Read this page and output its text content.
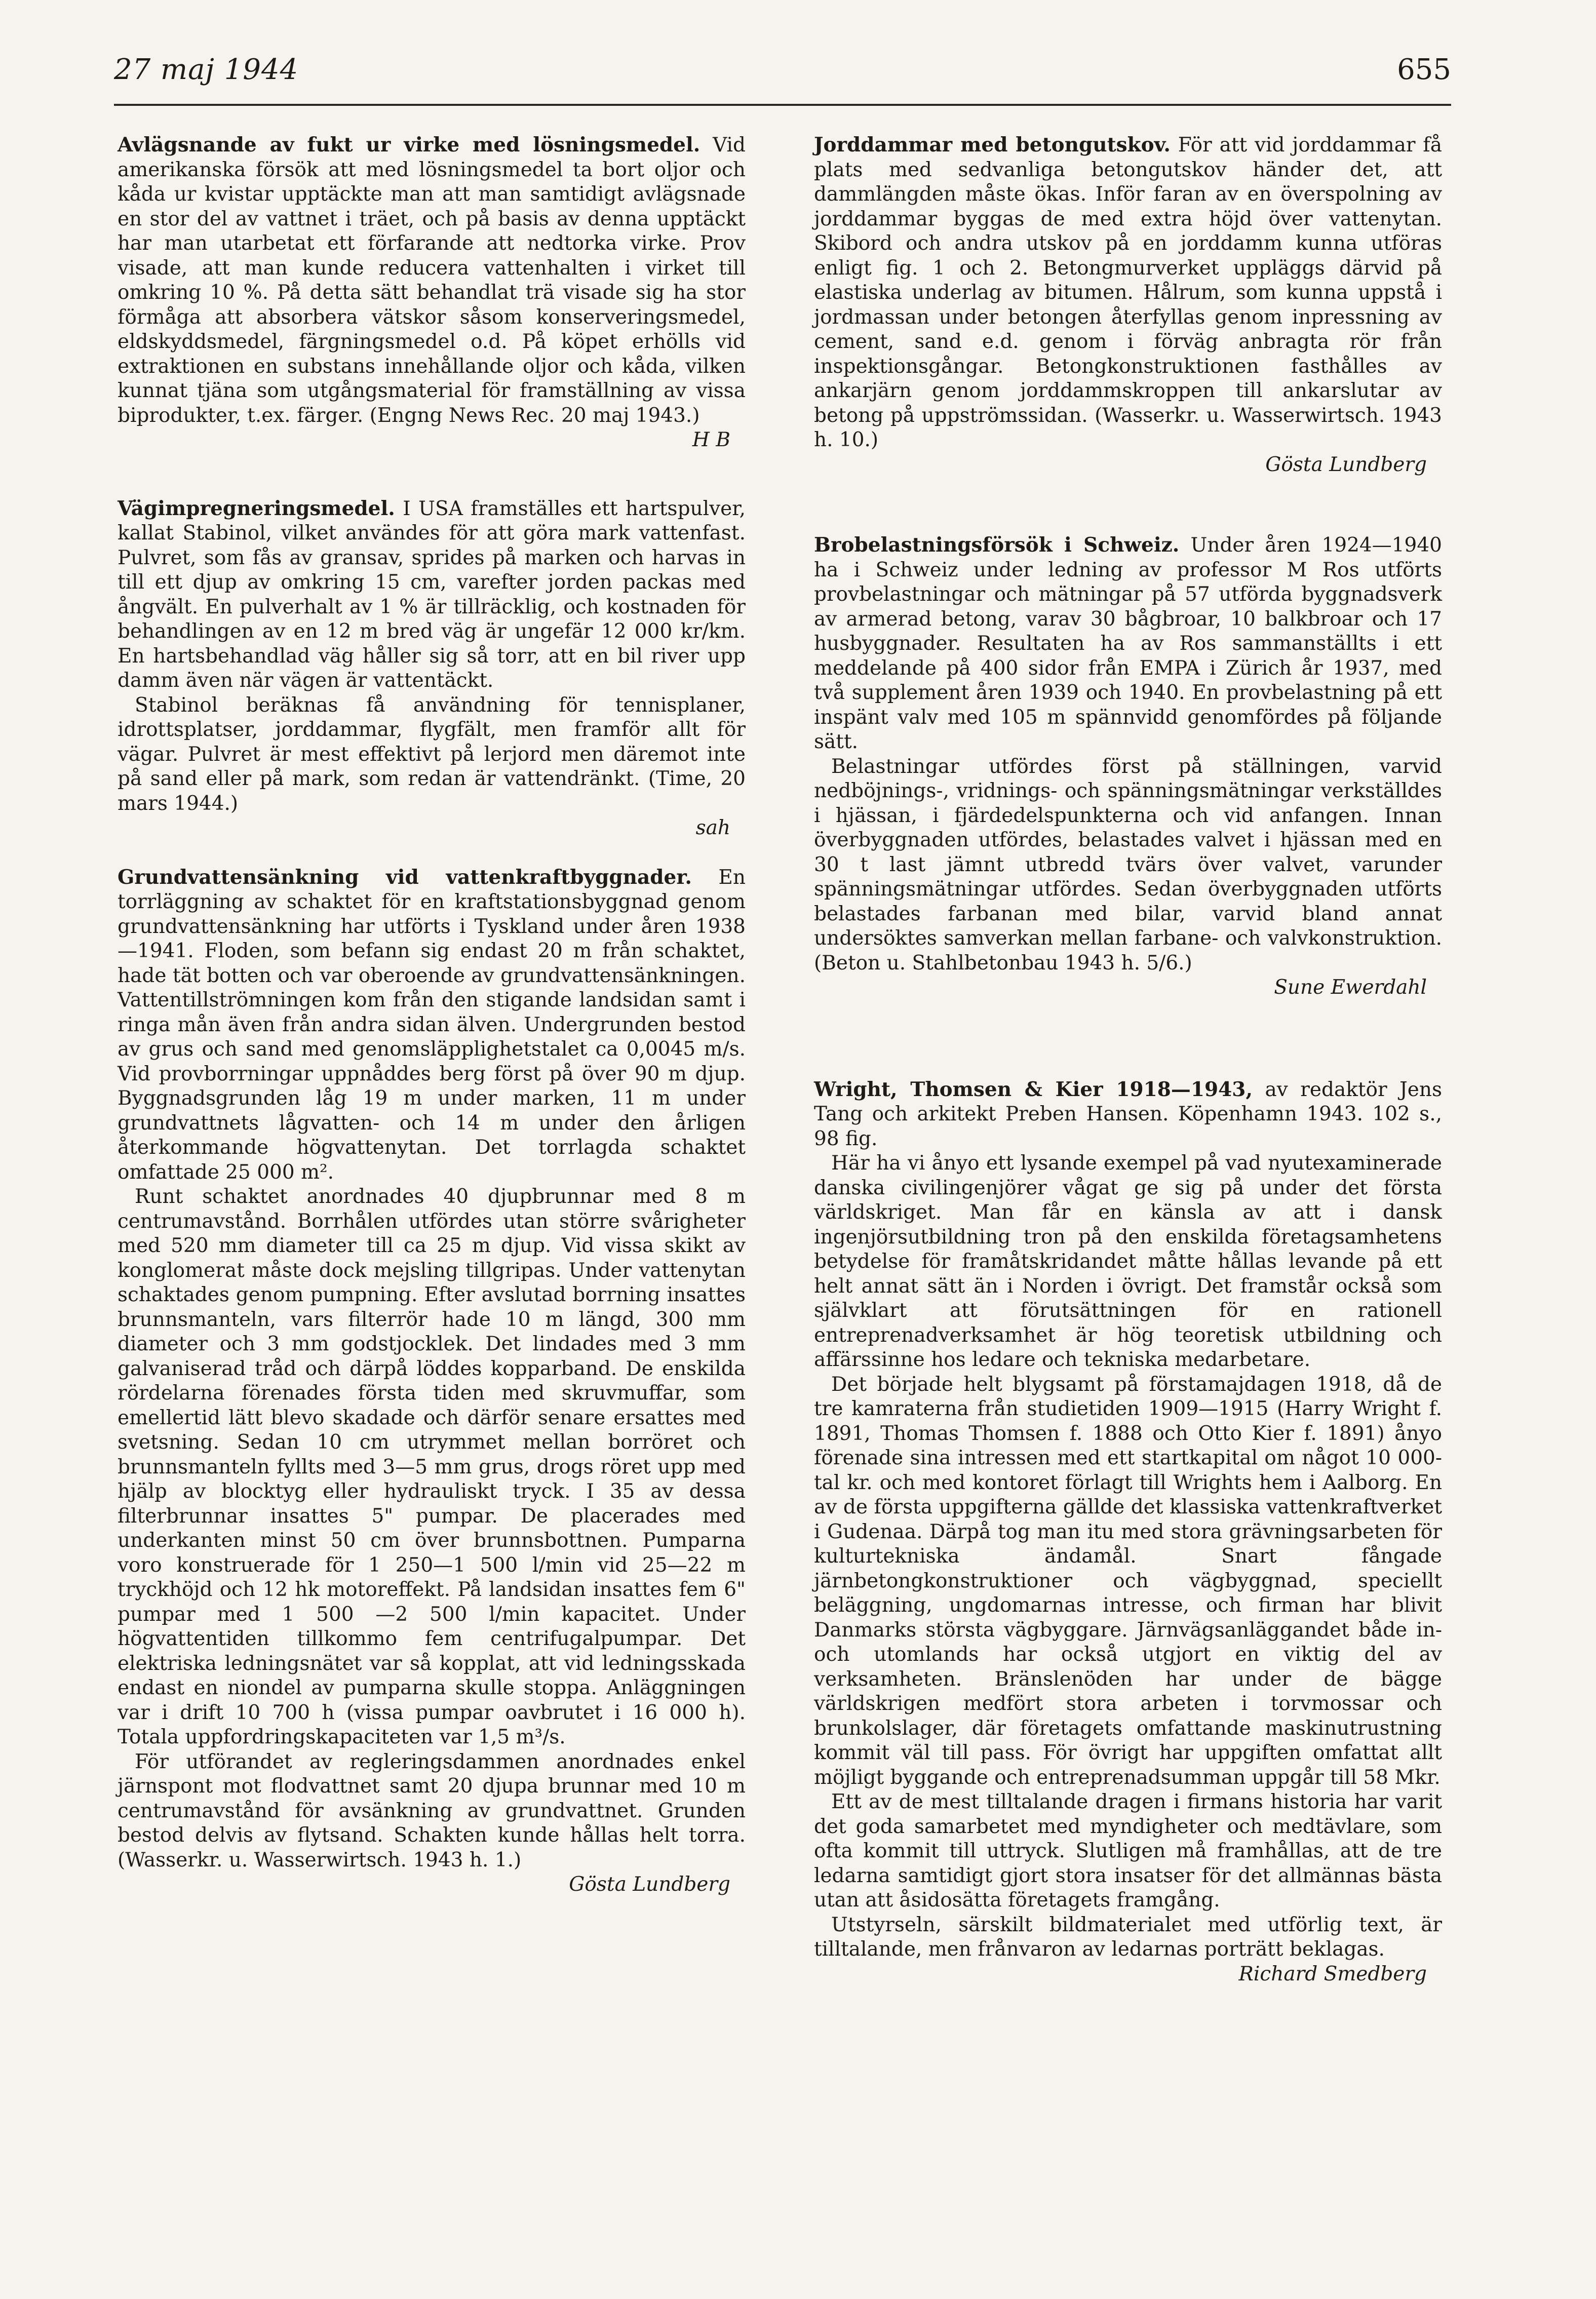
27 maj 1944	655

Avlägsnande av fukt ur virke med lösningsmedel. Vid amerikanska försök att med lösningsmedel ta bort oljor och kåda ur kvistar upptäckte man att man samtidigt avlägsnade en stor del av vattnet i träet, och på basis av denna upptäckt har man utarbetat ett förfarande att nedtorka virke. Prov visade, att man kunde reducera vattenhalten i virket till omkring 10 %. På detta sätt behandlat trä visade sig ha stor förmåga att absorbera vätskor såsom konserveringsmedel, eldskyddsmedel, färgningsmedel o.d. På köpet erhölls vid extraktionen en substans innehållande oljor och kåda, vilken kunnat tjäna som utgångsmaterial för framställning av vissa biprodukter, t.ex. färger. (Engng News Rec. 20 maj 1943.)
H B

Vägimpregneringsmedel. I USA framställes ett hartspulver, kallat Stabinol, vilket användes för att göra mark vattenfast. Pulvret, som fås av gransav, sprides på marken och harvas in till ett djup av omkring 15 cm, varefter jorden packas med ångvält. En pulverhalt av 1 % är tillräcklig, och kostnaden för behandlingen av en 12 m bred väg är ungefär 12 000 kr/km. En hartsbehandlad väg håller sig så torr, att en bil river upp damm även när vägen är vattentäckt.

Stabinol beräknas få användning för tennisplaner, idrottsplatser, jorddammar, flygfält, men framför allt för vägar. Pulvret är mest effektivt på lerjord men däremot inte på sand eller på mark, som redan är vattendränkt. (Time, 20 mars 1944.)

sah

Grundvattensänkning vid vattenkraftbyggnader. En torrläggning av schaktet för en kraftstationsbyggnad genom grundvattensänkning har utförts i Tyskland under åren 1938—1941. Floden, som befann sig endast 20 m från schaktet, hade tät botten och var oberoende av grundvattensänkningen. Vattentillströmningen kom från den stigande landsidan samt i ringa mån även från andra sidan älven. Undergrunden bestod av grus och sand med genomsläpplighetstalet ca 0,0045 m/s. Vid provborrningar uppnåddes berg först på över 90 m djup. Byggnadsgrunden låg 19 m under marken, 11 m under grundvattnets lågvatten- och 14 m under den årligen återkommande högvattenytan. Det torrlagda schaktet omfattade 25 000 m².

Runt schaktet anordnades 40 djupbrunnar med 8 m centrumavstånd. Borrhålen utfördes utan större svårigheter med 520 mm diameter till ca 25 m djup. Vid vissa skikt av konglomerat måste dock mejsling tillgripas. Under vattenytan schaktades genom pumpning. Efter avslutad borrning insattes brunnsmanteln, vars filterrör hade 10 m längd, 300 mm diameter och 3 mm godstjocklek. Det lindades med 3 mm galvaniserad tråd och därpå löddes kopparband. De enskilda rördelarna förenades första tiden med skruvmuffar, som emellertid lätt blevo skadade och därför senare ersattes med svetsning. Sedan 10 cm utrymmet mellan borröret och brunnsmanteln fyllts med 3—5 mm grus, drogs röret upp med hjälp av blocktyg eller hydrauliskt tryck. I 35 av dessa filterbrunnar insattes 5" pumpar. De placerades med underkanten minst 50 cm över brunnsbottnen. Pumparna voro konstruerade för 1 250—1 500 l/min vid 25—22 m tryckhöjd och 12 hk motoreffekt. På landsidan insattes fem 6" pumpar med 1 500 —2 500 l/min kapacitet. Under högvattentiden tillkommo fem centrifugalpumpar. Det elektriska ledningsnätet var så kopplat, att vid ledningsskada endast en niondel av pumparna skulle stoppa. Anläggningen var i drift 10 700 h (vissa pumpar oavbrutet i 16 000 h). Totala uppfordringskapaciteten var 1,5 m³/s.

För utförandet av regleringsdammen anordnades enkel järnspont mot flodvattnet samt 20 djupa brunnar med 10 m centrumavstånd för avsänkning av grundvattnet. Grunden bestod delvis av flytsand. Schakten kunde hållas helt torra. (Wasserkr. u. Wasserwirtsch. 1943 h. 1.)

Gösta Lundberg

Jorddammar med betongutskov. För att vid jorddammar få plats med sedvanliga betongutskov händer det, att dammlängden måste ökas. Inför faran av en överspolning av jorddammar byggas de med extra höjd över vattenytan. Skibord och andra utskov på en jorddamm kunna utföras enligt fig. 1 och 2. Betongmurverket uppläggs därvid på elastiska underlag av bitumen. Hålrum, som kunna uppstå i jordmassan under betongen återfyllas genom inpressning av cement, sand e.d. genom i förväg anbragta rör från inspektionsgångar. Betongkonstruktionen fasthålles av ankarjärn genom jorddammskroppen till ankarslutar av betong på uppströmssidan. (Wasserkr. u. Wasserwirtsch. 1943 h. 10.)

Gösta Lundberg

Brobelastningsförsök i Schweiz. Under åren 1924—1940 ha i Schweiz under ledning av professor M Ros utförts provbelastningar och mätningar på 57 utförda byggnadsverk av armerad betong, varav 30 bågbroar, 10 balkbroar och 17 husbyggnader. Resultaten ha av Ros sammanställts i ett meddelande på 400 sidor från EMPA i Zürich år 1937, med två supplement åren 1939 och 1940. En provbelastning på ett inspänt valv med 105 m spännvidd genomfördes på följande sätt.

Belastningar utfördes först på ställningen, varvid nedböjnings-, vridnings- och spänningsmätningar verkställdes i hjässan, i fjärdedelspunkterna och vid anfangen. Innan överbyggnaden utfördes, belastades valvet i hjässan med en 30 t last jämnt utbredd tvärs över valvet, varunder spänningsmätningar utfördes. Sedan överbyggnaden utförts belastades farbanan med bilar, varvid bland annat undersöktes samverkan mellan farbane- och valvkonstruktion. (Beton u. Stahlbetonbau 1943 h. 5/6.)

Sune Ewerdahl

Wright, Thomsen & Kier 1918—1943, av redaktör Jens Tang och arkitekt Preben Hansen. Köpenhamn 1943. 102 s., 98 fig.

Här ha vi ånyo ett lysande exempel på vad nyutexaminerade danska civilingenjörer vågat ge sig på under det första världskriget. Man får en känsla av att i dansk ingenjörsutbildning tron på den enskilda företagsamhetens betydelse för framåtskridandet måtte hållas levande på ett helt annat sätt än i Norden i övrigt. Det framstår också som självklart att förutsättningen för en rationell entreprenadverksamhet är hög teoretisk utbildning och affärssinne hos ledare och tekniska medarbetare.

Det började helt blygsamt på förstamajdagen 1918, då de tre kamraterna från studietiden 1909—1915 (Harry Wright f. 1891, Thomas Thomsen f. 1888 och Otto Kier f. 1891) ånyo förenade sina intressen med ett startkapital om något 10 000-tal kr. och med kontoret förlagt till Wrights hem i Aalborg. En av de första uppgifterna gällde det klassiska vattenkraftverket i Gudenaa. Därpå tog man itu med stora grävningsarbeten för kulturtekniska ändamål. Snart fångade järnbetongkonstruktioner och vägbyggnad, speciellt beläggning, ungdomarnas intresse, och firman har blivit Danmarks största vägbyggare. Järnvägsanläggandet både in- och utomlands har också utgjort en viktig del av verksamheten. Bränslenöden har under de bägge världskrigen medfört stora arbeten i torvmossar och brunkolslager, där företagets omfattande maskinutrustning kommit väl till pass. För övrigt har uppgiften omfattat allt möjligt byggande och entreprenadsumman uppgår till 58 Mkr.

Ett av de mest tilltalande dragen i firmans historia har varit det goda samarbetet med myndigheter och medtävlare, som ofta kommit till uttryck. Slutligen må framhållas, att de tre ledarna samtidigt gjort stora insatser för det allmännas bästa utan att åsidosätta företagets framgång.

Utstyrseln, särskilt bildmaterialet med utförlig text, är tilltalande, men frånvaron av ledarnas porträtt beklagas.

Richard Smedberg
